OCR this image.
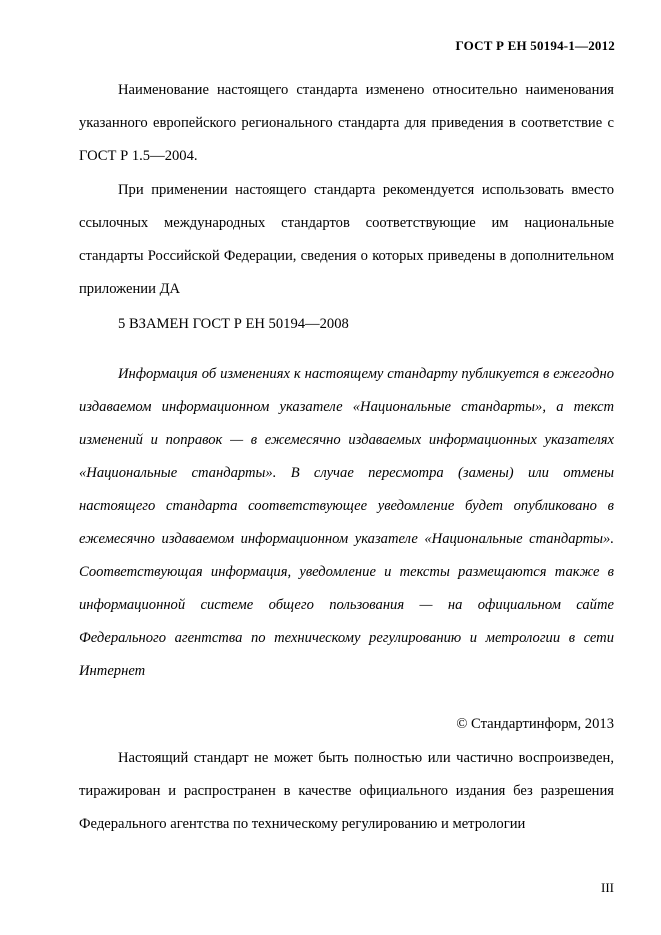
ГОСТ Р ЕН 50194-1—2012

Наименование настоящего стандарта изменено относительно наименования указанного европейского регионального стандарта для приведения в соответствие с ГОСТ Р 1.5—2004.

При применении настоящего стандарта рекомендуется использовать вместо ссылочных международных стандартов соответствующие им национальные стандарты Российской Федерации, сведения о которых приведены в дополнительном приложении ДА

5 ВЗАМЕН ГОСТ Р ЕН 50194—2008

Информация об изменениях к настоящему стандарту публикуется в ежегодно издаваемом информационном указателе «Национальные стандарты», а текст изменений и поправок — в ежемесячно издаваемых информационных указателях «Национальные стандарты». В случае пересмотра (замены) или отмены настоящего стандарта соответствующее уведомление будет опубликовано в ежемесячно издаваемом информационном указателе «Национальные стандарты». Соответствующая информация, уведомление и тексты размещаются также в информационной системе общего пользования — на официальном сайте Федерального агентства по техническому регулированию и метрологии в сети Интернет

© Стандартинформ, 2013

Настоящий стандарт не может быть полностью или частично воспроизведен, тиражирован и распространен в качестве официального издания без разрешения Федерального агентства по техническому регулированию и метрологии

III
